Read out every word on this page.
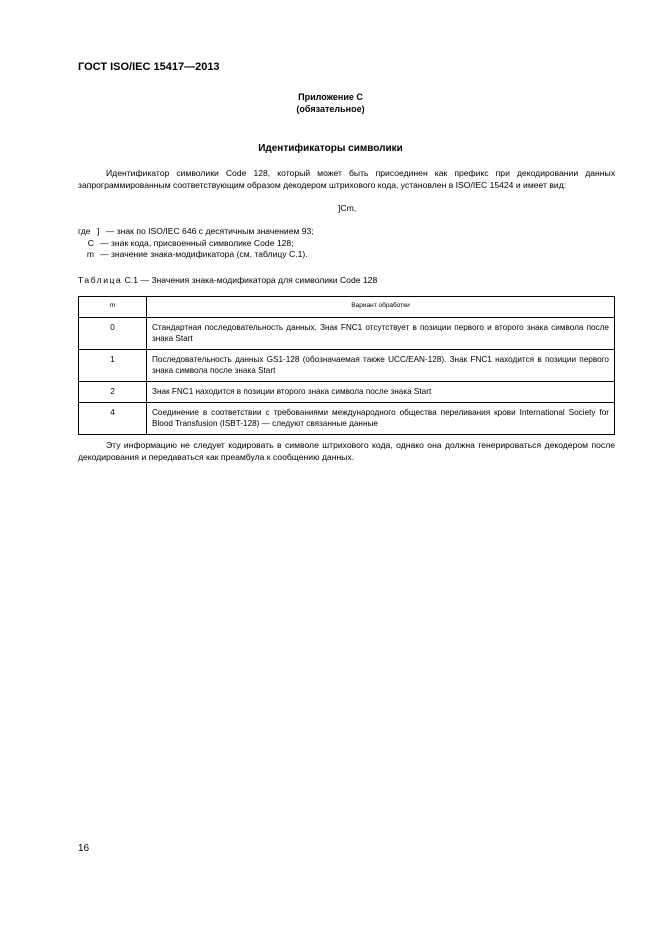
ГОСТ ISO/IEC 15417—2013
Приложение С
(обязательное)
Идентификаторы символики
Идентификатор символики Code 128, который может быть присоединен как префикс при декодировании данных запрограммированным соответствующим образом декодером штрихового кода, установлен в ISO/IEC 15424 и имеет вид:
]Cm,
где ] — знак по ISO/IEC 646 с десятичным значением 93;
C — знак кода, присвоенный символике Code 128;
m — значение знака-модификатора (см. таблицу С.1).
Таблица С.1 — Значения знака-модификатора для символики Code 128
m	Вариант обработки
0	Стандартная последовательность данных. Знак FNC1 отсутствует в позиции первого и второго знака символа после знака Start
1	Последовательность данных GS1-128 (обозначаемая также UCC/EAN-128). Знак FNC1 находится в позиции первого знака символа после знака Start
2	Знак FNC1 находится в позиции второго знака символа после знака Start
4	Соединение в соответствии с требованиями международного общества переливания крови International Society for Blood Transfusion (ISBT-128) — следуют связанные данные
Эту информацию не следует кодировать в символе штрихового кода, однако она должна генерироваться декодером после декодирования и передаваться как преамбула к сообщению данных.
16
